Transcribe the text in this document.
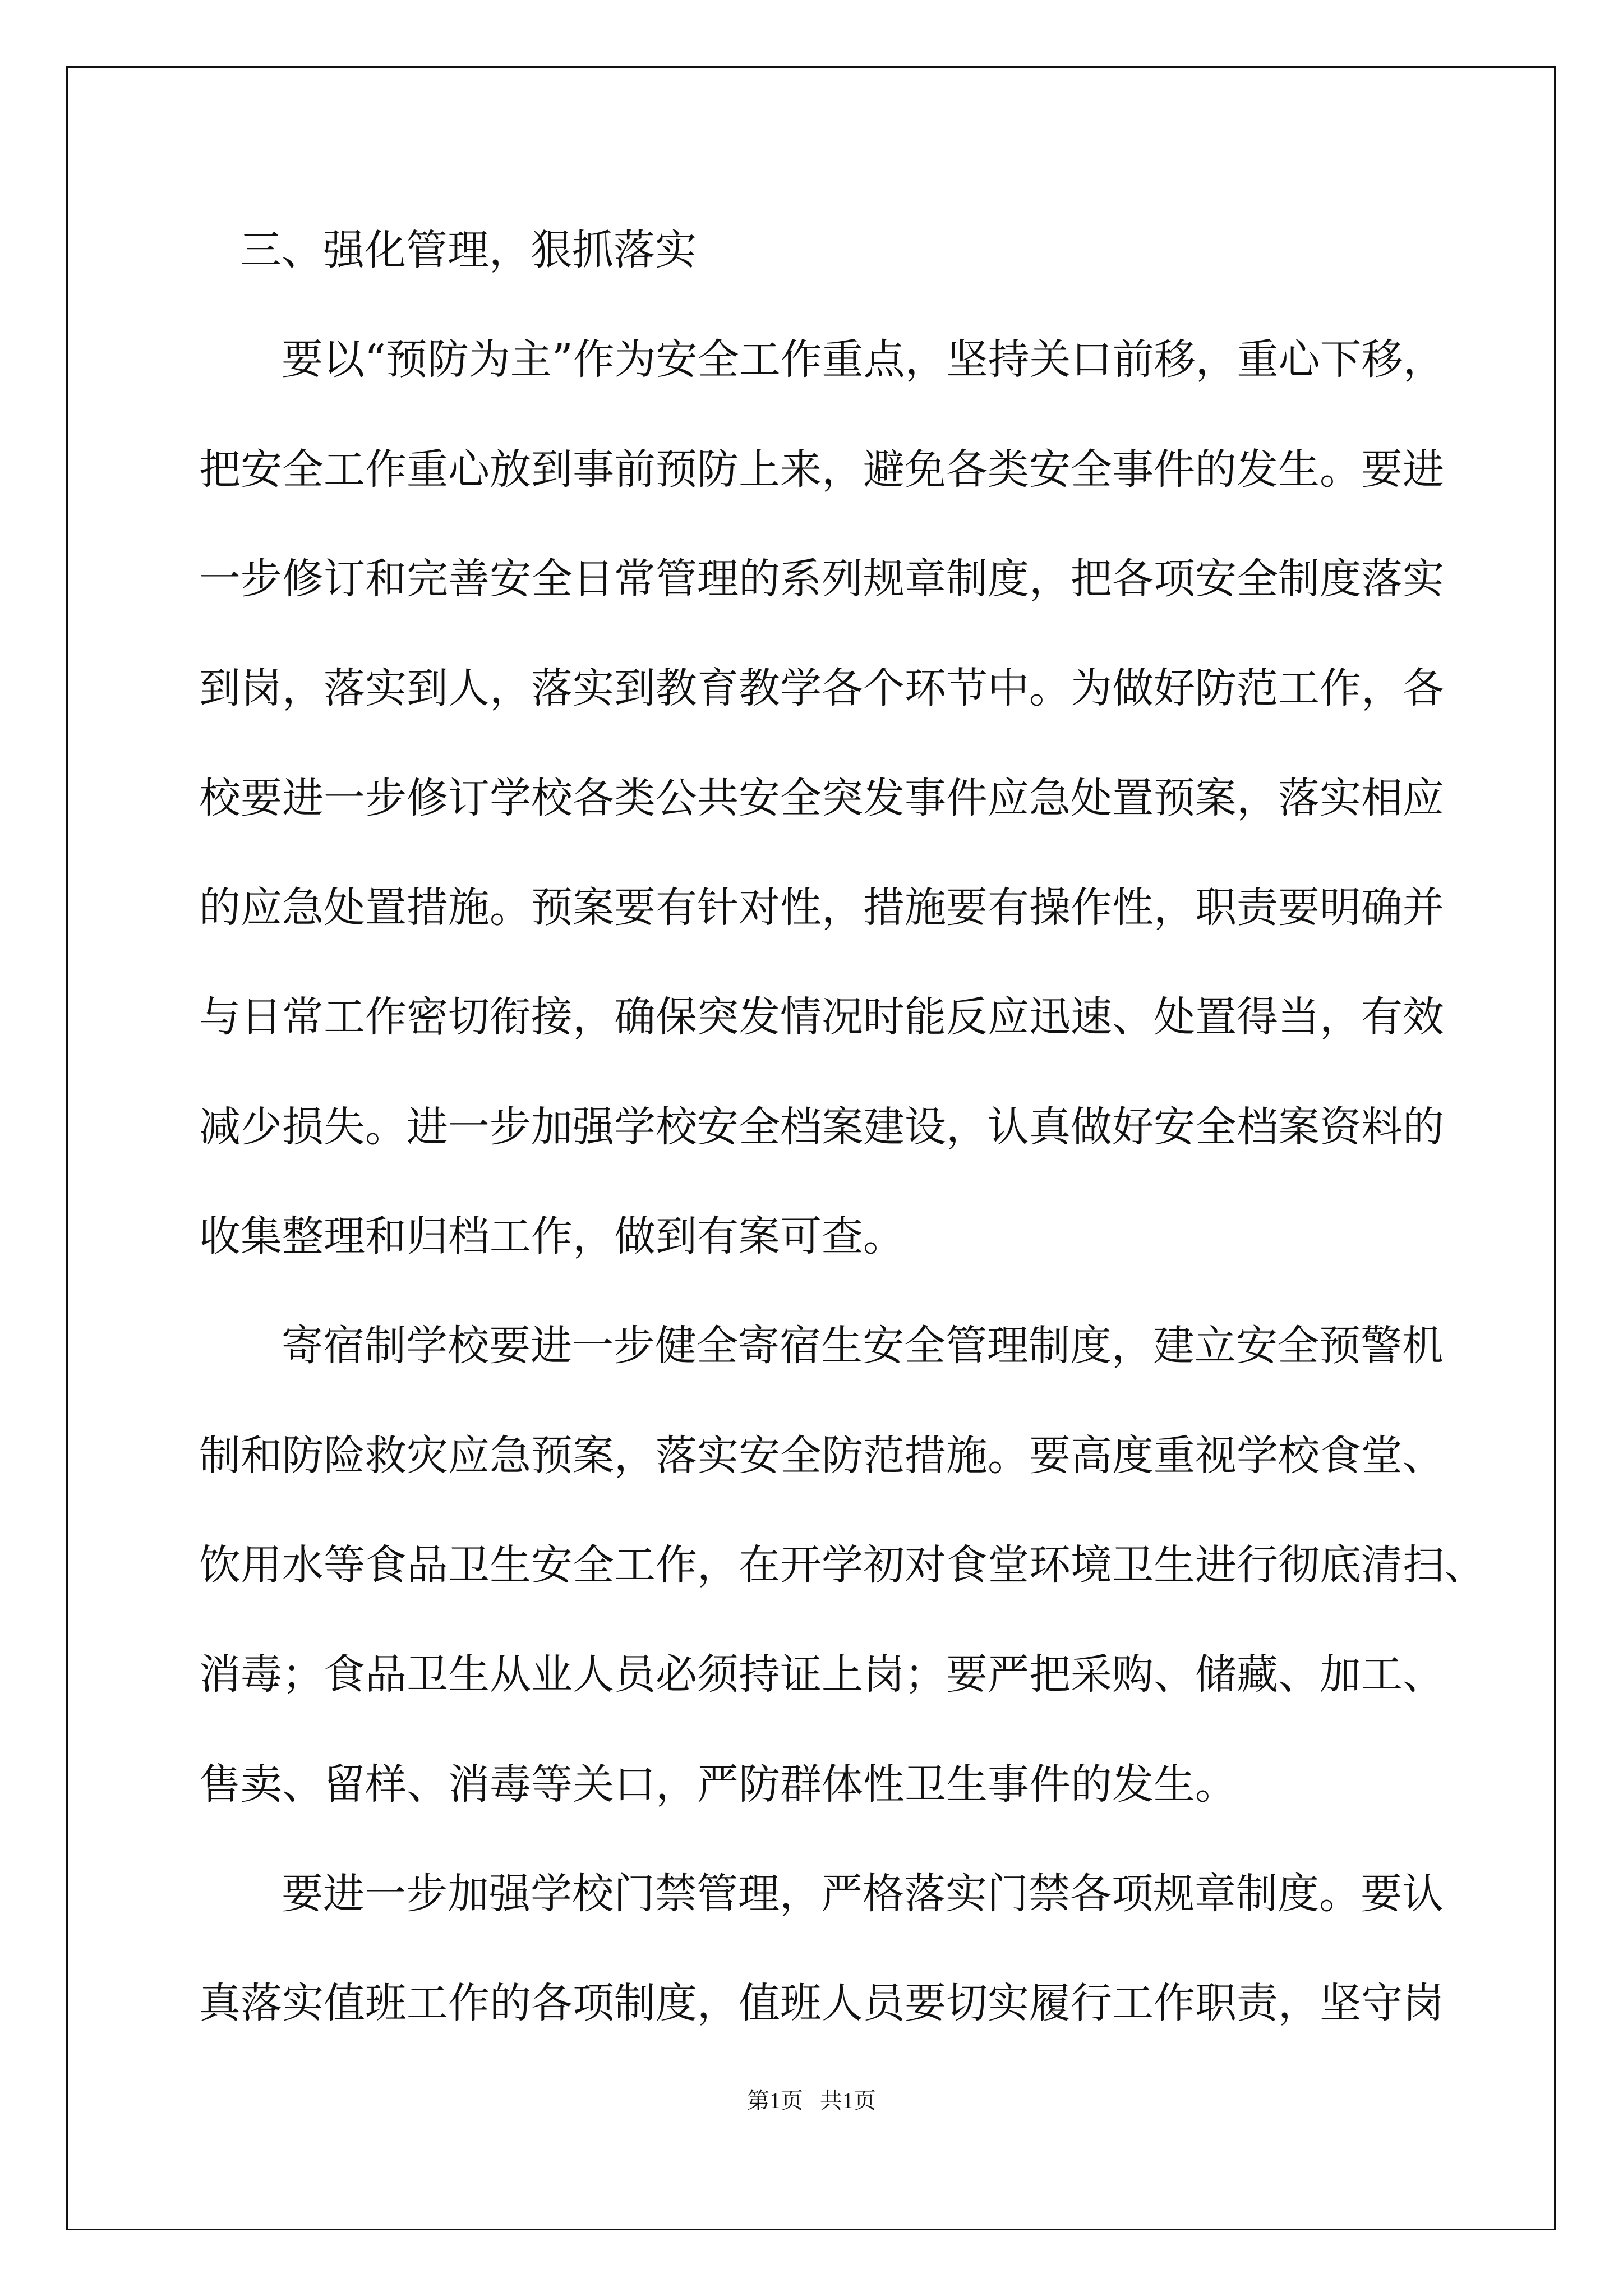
三、强化管理，狠抓落实
要以“预防为主”作为安全工作重点，坚持关口前移，重心下移，
把安全工作重心放到事前预防上来，避免各类安全事件的发生。要进
一步修订和完善安全日常管理的系列规章制度，把各项安全制度落实
到岗，落实到人，落实到教育教学各个环节中。为做好防范工作，各
校要进一步修订学校各类公共安全突发事件应急处置预案，落实相应
的应急处置措施。预案要有针对性，措施要有操作性，职责要明确并
与日常工作密切衔接，确保突发情况时能反应迅速、处置得当，有效
减少损失。进一步加强学校安全档案建设，认真做好安全档案资料的
收集整理和归档工作，做到有案可查。
寄宿制学校要进一步健全寄宿生安全管理制度，建立安全预警机
制和防险救灾应急预案，落实安全防范措施。要高度重视学校食堂、
饮用水等食品卫生安全工作，在开学初对食堂环境卫生进行彻底清扫、
消毒；食品卫生从业人员必须持证上岗；要严把采购、储藏、加工、
售卖、留样、消毒等关口，严防群体性卫生事件的发生。
要进一步加强学校门禁管理，严格落实门禁各项规章制度。要认
真落实值班工作的各项制度，值班人员要切实履行工作职责，坚守岗
第1页 共1页
